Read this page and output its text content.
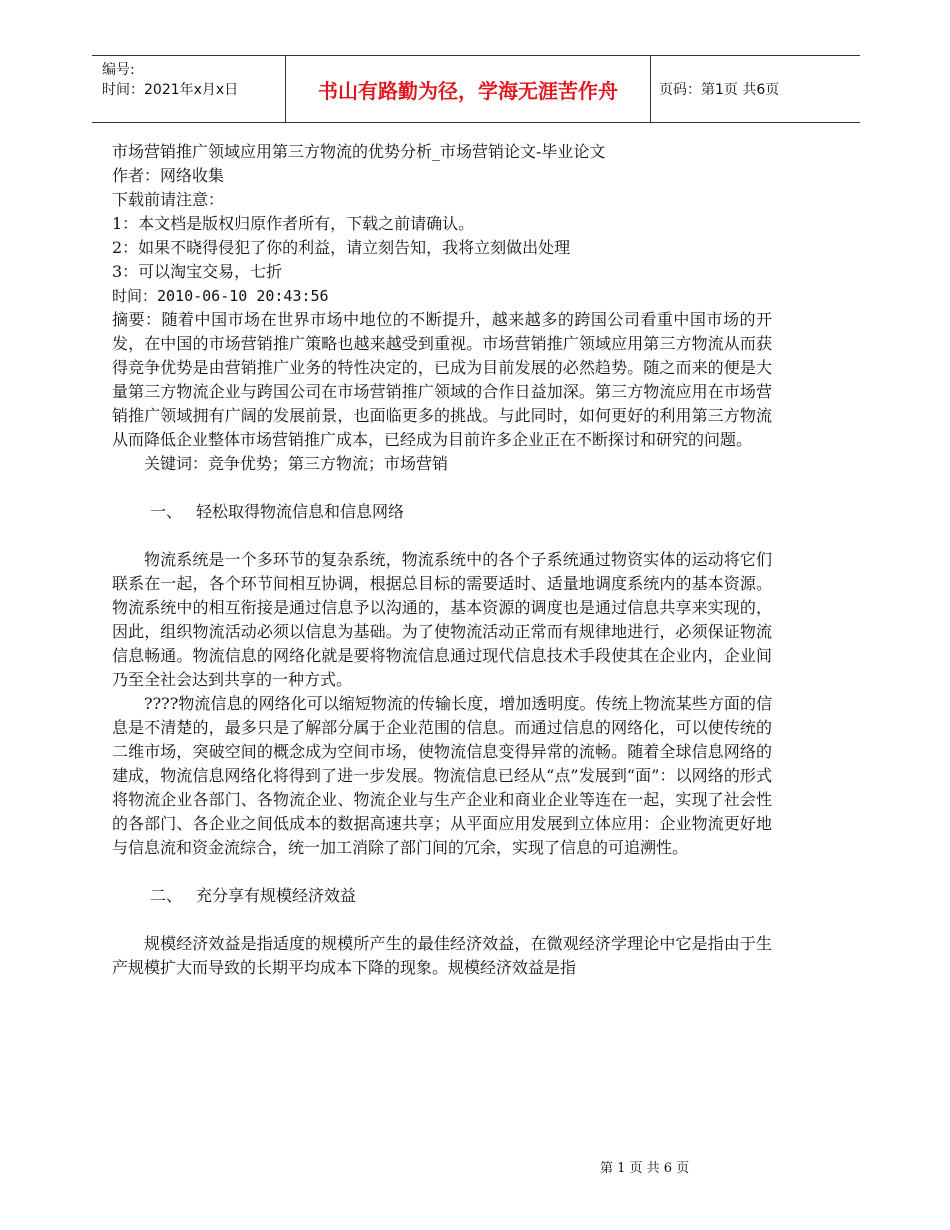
编号:
时间：2021年x月x日	书山有路勤为径，学海无涯苦作舟	页码：第1页 共6页
市场营销推广领域应用第三方物流的优势分析_市场营销论文-毕业论文
作者：网络收集
下载前请注意：
1：本文档是版权归原作者所有，下载之前请确认。
2：如果不晓得侵犯了你的利益，请立刻告知，我将立刻做出处理
3：可以淘宝交易，七折
时间：2010-06-10 20:43:56

摘要：随着中国市场在世界市场中地位的不断提升，越来越多的跨国公司看重中国市场的开发，在中国的市场营销推广策略也越来越受到重视。市场营销推广领域应用第三方物流从而获得竞争优势是由营销推广业务的特性决定的，已成为目前发展的必然趋势。随之而来的便是大量第三方物流企业与跨国公司在市场营销推广领域的合作日益加深。第三方物流应用在市场营销推广领域拥有广阔的发展前景，也面临更多的挑战。与此同时，如何更好的利用第三方物流从而降低企业整体市场营销推广成本，已经成为目前许多企业正在不断探讨和研究的问题。

关键词：竞争优势；第三方物流；市场营销
一、 轻松取得物流信息和信息网络

物流系统是一个多环节的复杂系统，物流系统中的各个子系统通过物资实体的运动将它们联系在一起，各个环节间相互协调，根据总目标的需要适时、适量地调度系统内的基本资源。物流系统中的相互衔接是通过信息予以沟通的，基本资源的调度也是通过信息共享来实现的，因此，组织物流活动必须以信息为基础。为了使物流活动正常而有规律地进行，必须保证物流信息畅通。物流信息的网络化就是要将物流信息通过现代信息技术手段使其在企业内，企业间乃至全社会达到共享的一种方式。

????物流信息的网络化可以缩短物流的传输长度，增加透明度。传统上物流某些方面的信息是不清楚的，最多只是了解部分属于企业范围的信息。而通过信息的网络化，可以使传统的二维市场，突破空间的概念成为空间市场，使物流信息变得异常的流畅。随着全球信息网络的建成，物流信息网络化将得到了进一步发展。物流信息已经从“点”发展到“面”：以网络的形式将物流企业各部门、各物流企业、物流企业与生产企业和商业企业等连在一起，实现了社会性的各部门、各企业之间低成本的数据高速共享；从平面应用发展到立体应用：企业物流更好地与信息流和资金流综合，统一加工消除了部门间的冗余，实现了信息的可追溯性。

二、 充分享有规模经济效益

规模经济效益是指适度的规模所产生的最佳经济效益，在微观经济学理论中它是指由于生产规模扩大而导致的长期平均成本下降的现象。规模经济效益是指

第 1 页 共 6 页
